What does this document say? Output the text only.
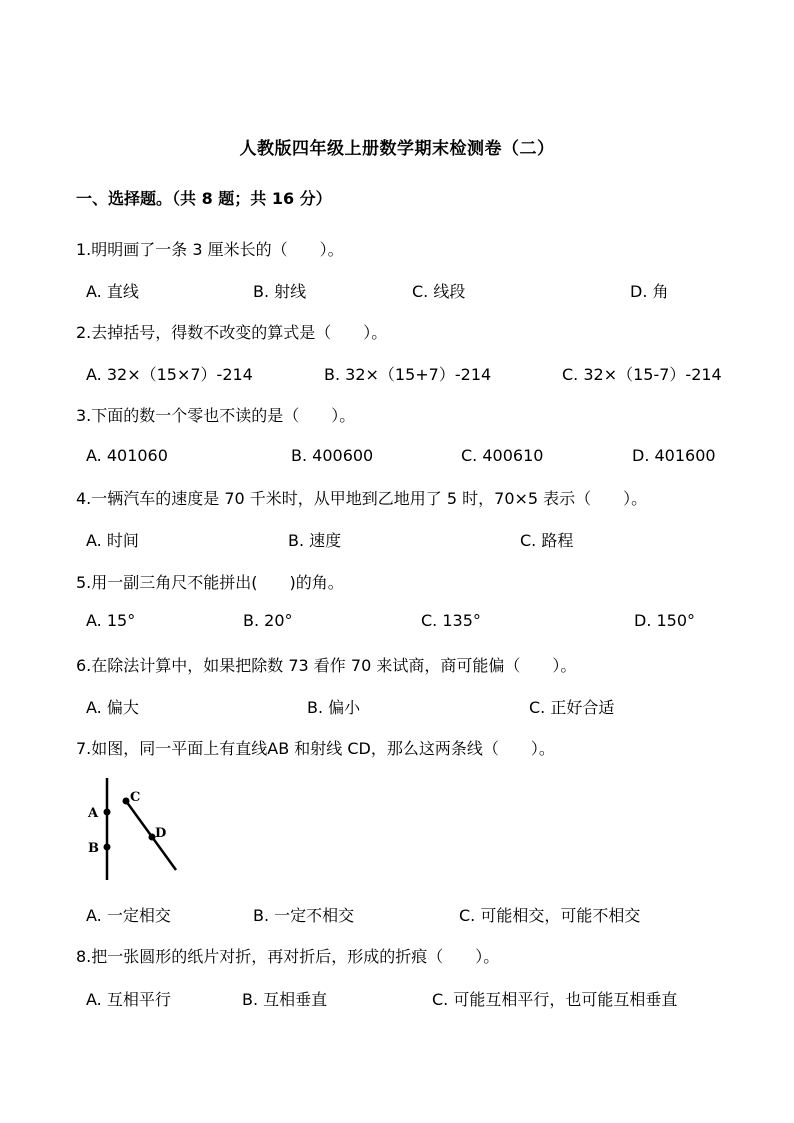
人教版四年级上册数学期末检测卷（二）
一、选择题。（共 8 题；共 16 分）
1.明明画了一条 3 厘米长的（　　）。
A. 直线	B. 射线	C. 线段	D. 角
2.去掉括号，得数不改变的算式是（　　）。
A. 32×（15×7）-214	B. 32×（15+7）-214	C. 32×（15-7）-214
3.下面的数一个零也不读的是（　　）。
A. 401060	B. 400600	C. 400610	D. 401600
4.一辆汽车的速度是 70 千米时，从甲地到乙地用了 5 时，70×5 表示（　　）。
A. 时间	B. 速度	C. 路程
5.用一副三角尺不能拼出(　　)的角。
A. 15°	B. 20°	C. 135°	D. 150°
6.在除法计算中，如果把除数 73 看作 70 来试商，商可能偏（　　）。
A. 偏大	B. 偏小	C. 正好合适
7.如图，同一平面上有直线AB 和射线 CD，那么这两条线（　　）。
A
B
C
D
A. 一定相交	B. 一定不相交	C. 可能相交，可能不相交
8.把一张圆形的纸片对折，再对折后，形成的折痕（　　）。
A. 互相平行	B. 互相垂直	C. 可能互相平行，也可能互相垂直
